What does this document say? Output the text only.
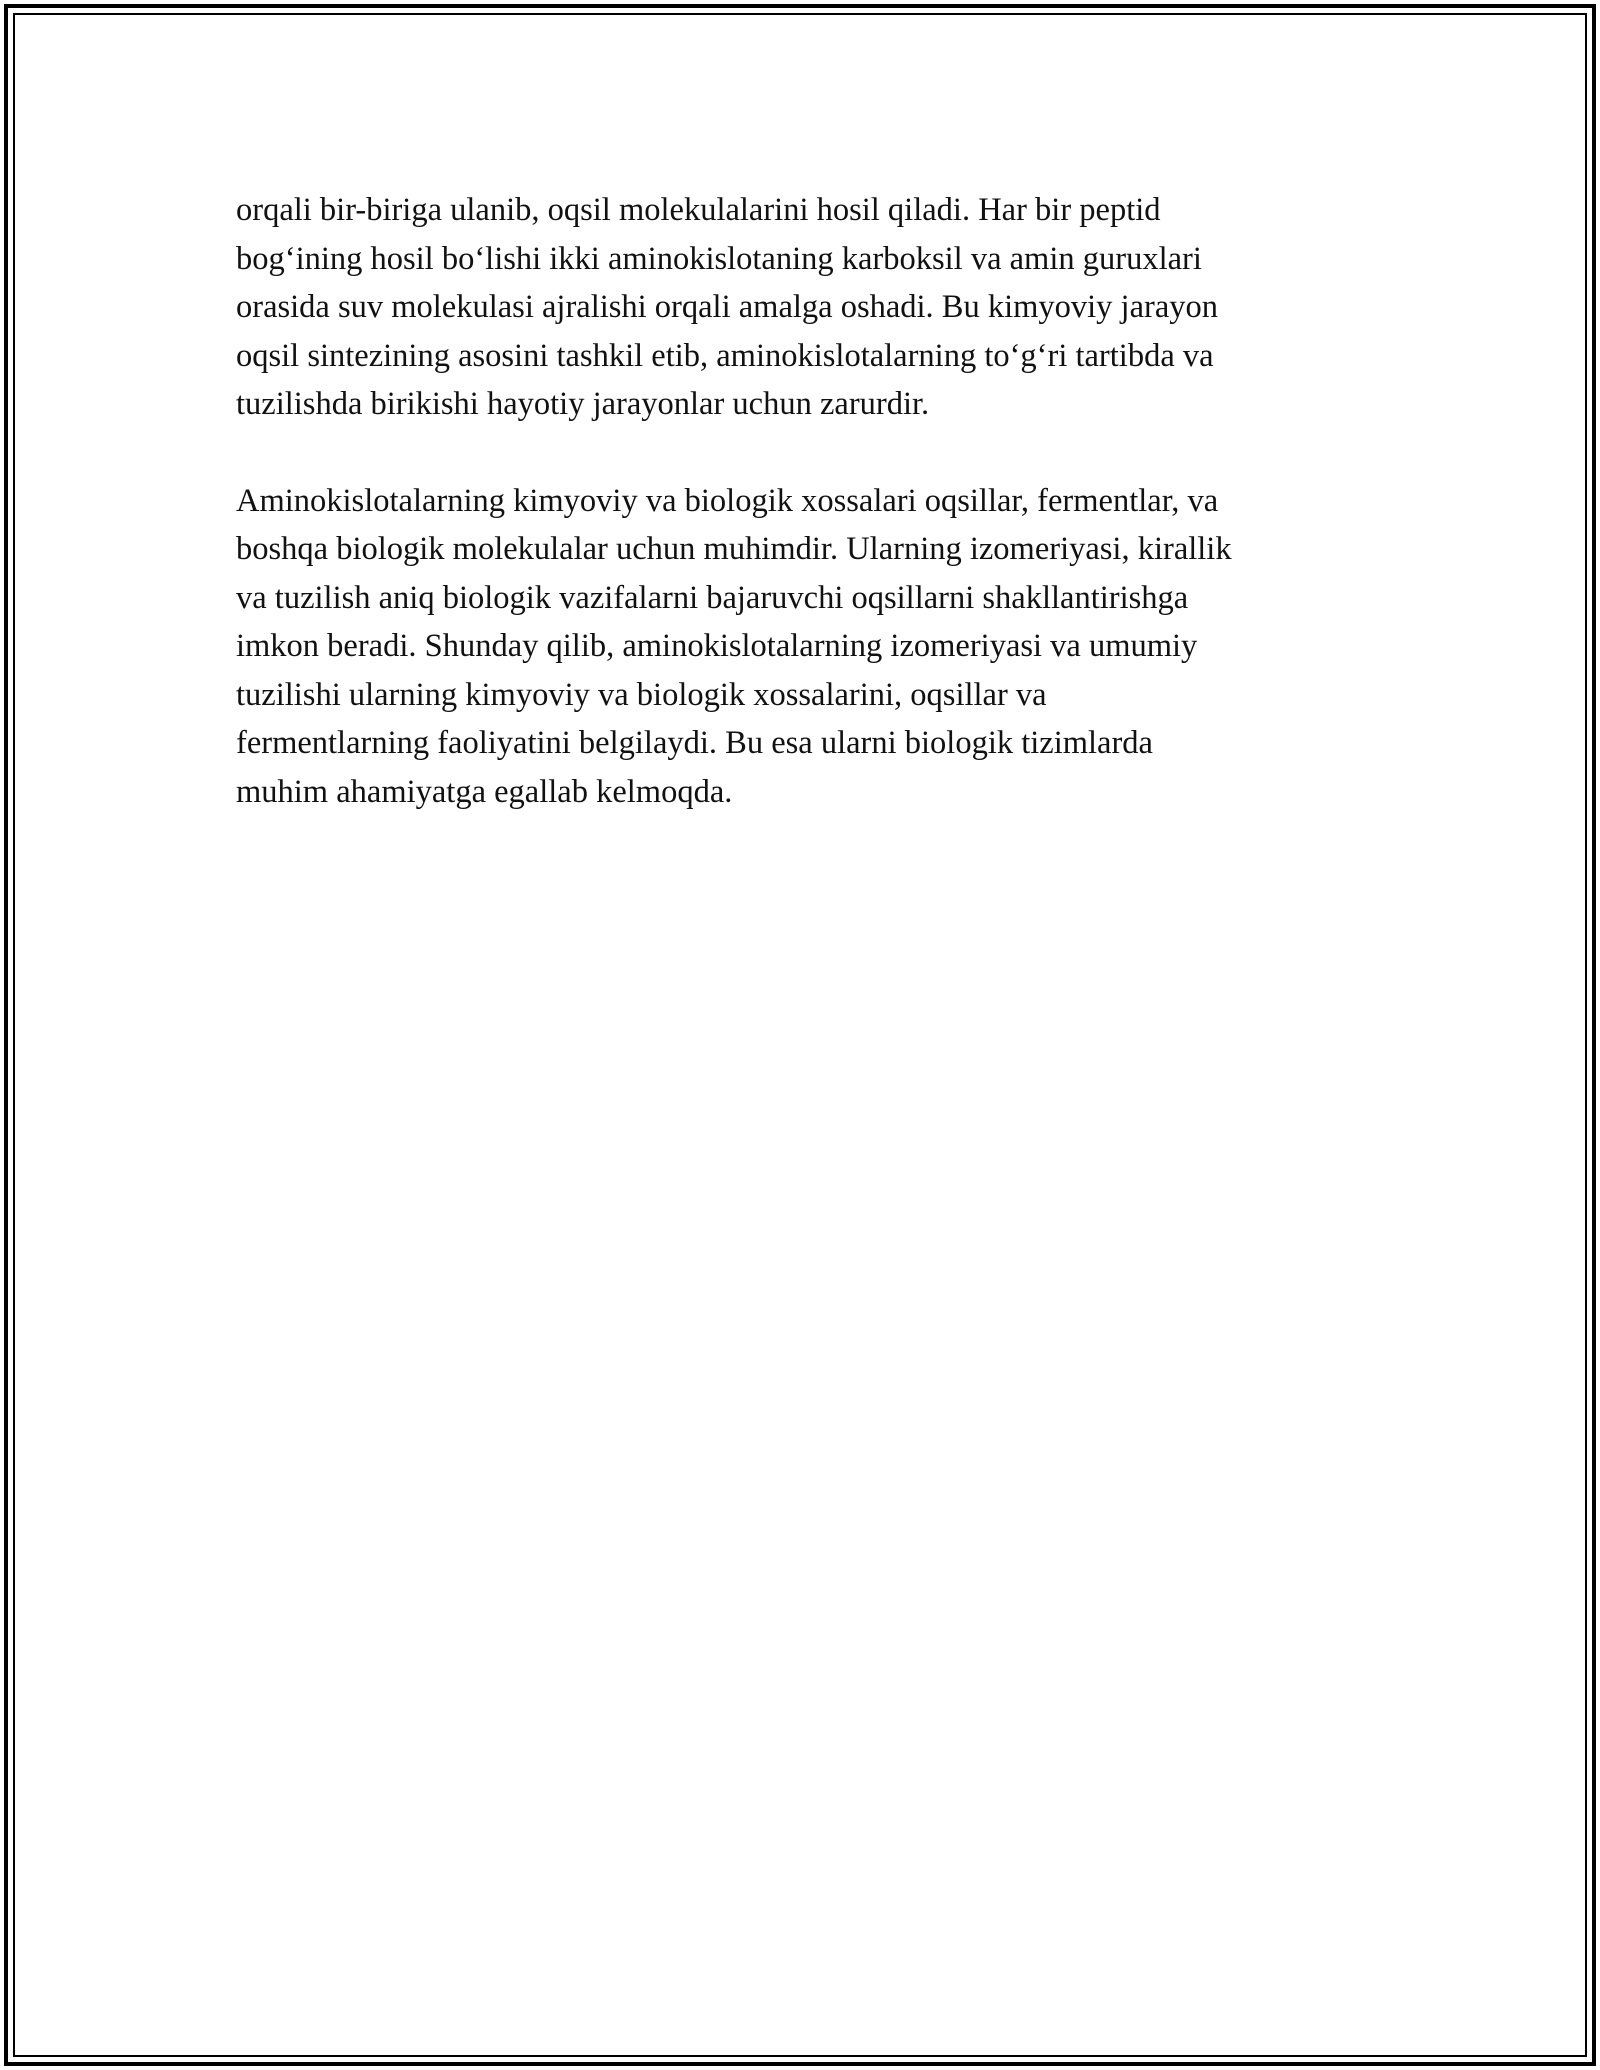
orqali bir-biriga ulanib, oqsil molekulalarini hosil qiladi. Har bir peptid
bog‘ining hosil bo‘lishi ikki aminokislotaning karboksil va amin guruxlari
orasida suv molekulasi ajralishi orqali amalga oshadi. Bu kimyoviy jarayon
oqsil sintezining asosini tashkil etib, aminokislotalarning to‘g‘ri tartibda va
tuzilishda birikishi hayotiy jarayonlar uchun zarurdir.

Aminokislotalarning kimyoviy va biologik xossalari oqsillar, fermentlar, va
boshqa biologik molekulalar uchun muhimdir. Ularning izomeriyasi, kirallik
va tuzilish aniq biologik vazifalarni bajaruvchi oqsillarni shakllantirishga
imkon beradi. Shunday qilib, aminokislotalarning izomeriyasi va umumiy
tuzilishi ularning kimyoviy va biologik xossalarini, oqsillar va
fermentlarning faoliyatini belgilaydi. Bu esa ularni biologik tizimlarda
muhim ahamiyatga egallab kelmoqda.
